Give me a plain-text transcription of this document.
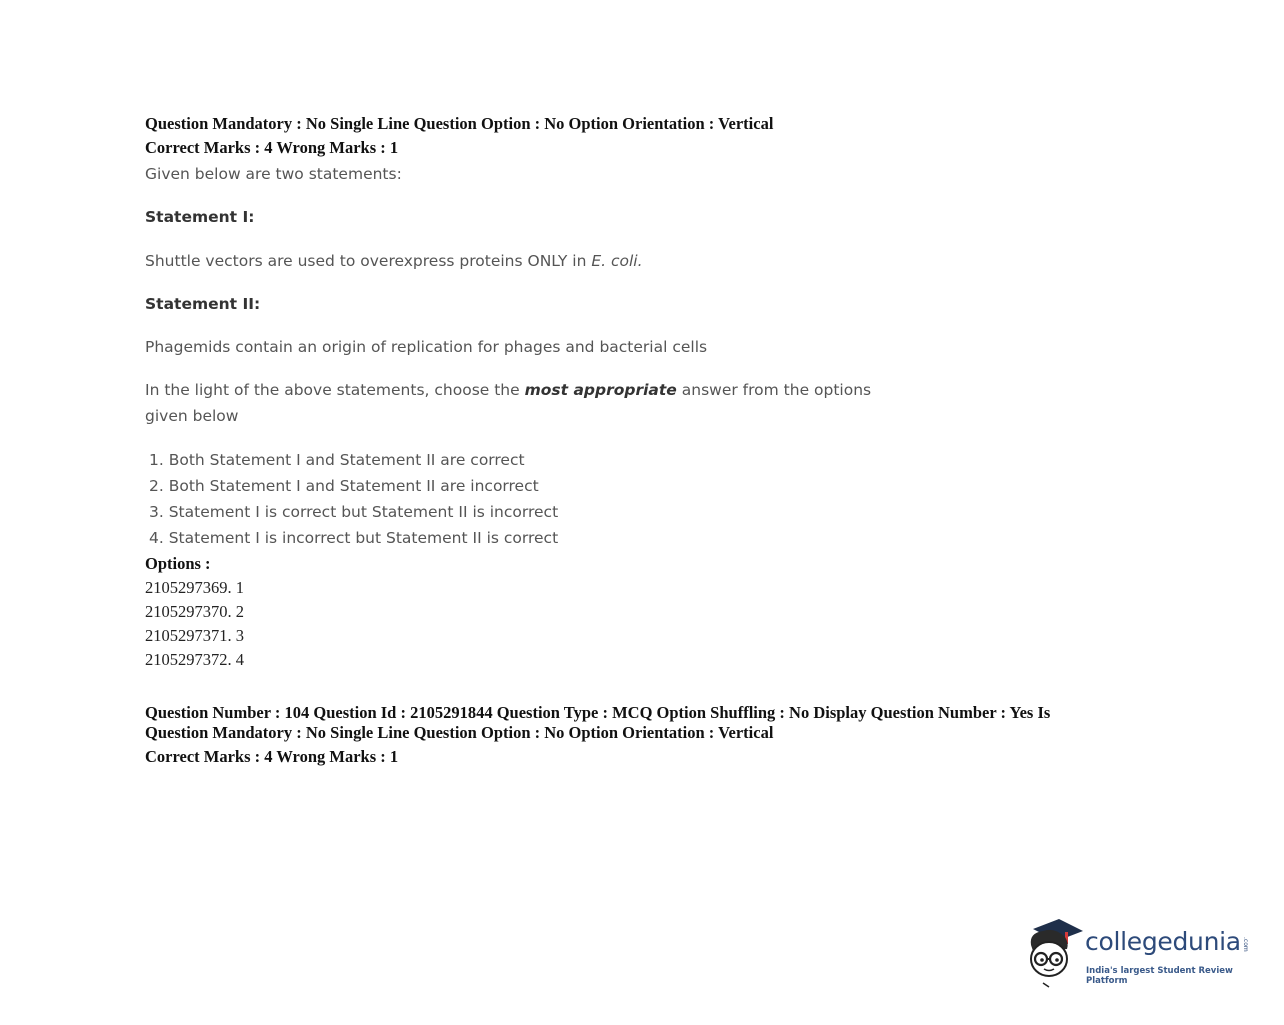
Question Mandatory : No Single Line Question Option : No Option Orientation : Vertical
Correct Marks : 4 Wrong Marks : 1
Given below are two statements:
Statement I:
Shuttle vectors are used to overexpress proteins ONLY in E. coli.
Statement II:
Phagemids contain an origin of replication for phages and bacterial cells
In the light of the above statements, choose the most appropriate answer from the options
given below
1. Both Statement I and Statement II are correct
2. Both Statement I and Statement II are incorrect
3. Statement I is correct but Statement II is incorrect
4. Statement I is incorrect but Statement II is correct
Options :
2105297369. 1
2105297370. 2
2105297371. 3
2105297372. 4
Question Number : 104 Question Id : 2105291844 Question Type : MCQ Option Shuffling : No Display Question Number : Yes Is
Question Mandatory : No Single Line Question Option : No Option Orientation : Vertical
Correct Marks : 4 Wrong Marks : 1
collegedunia .com
India's largest Student Review Platform
